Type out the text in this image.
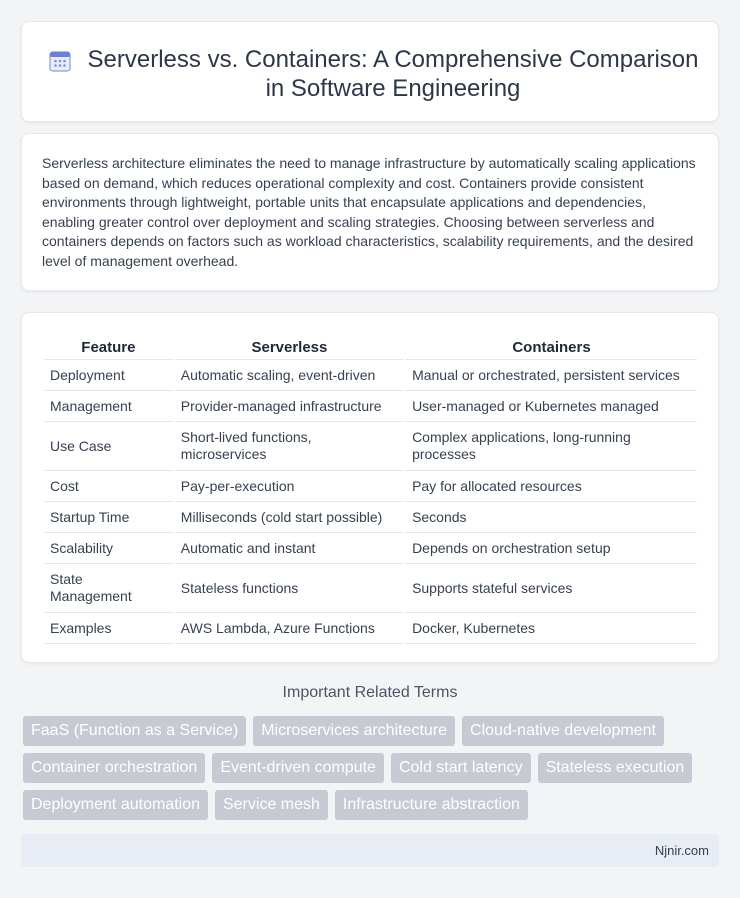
Serverless vs. Containers: A Comprehensive Comparison in Software Engineering

Serverless architecture eliminates the need to manage infrastructure by automatically scaling applications based on demand, which reduces operational complexity and cost. Containers provide consistent environments through lightweight, portable units that encapsulate applications and dependencies, enabling greater control over deployment and scaling strategies. Choosing between serverless and containers depends on factors such as workload characteristics, scalability requirements, and the desired level of management overhead.

Feature	Serverless	Containers
Deployment	Automatic scaling, event-driven	Manual or orchestrated, persistent services
Management	Provider-managed infrastructure	User-managed or Kubernetes managed
Use Case	Short-lived functions, microservices	Complex applications, long-running processes
Cost	Pay-per-execution	Pay for allocated resources
Startup Time	Milliseconds (cold start possible)	Seconds
Scalability	Automatic and instant	Depends on orchestration setup
State Management	Stateless functions	Supports stateful services
Examples	AWS Lambda, Azure Functions	Docker, Kubernetes
Important Related Terms
FaaS (Function as a Service)	Microservices architecture	Cloud-native development
Container orchestration	Event-driven compute	Cold start latency	Stateless execution
Deployment automation	Service mesh	Infrastructure abstraction
Njnir.com
